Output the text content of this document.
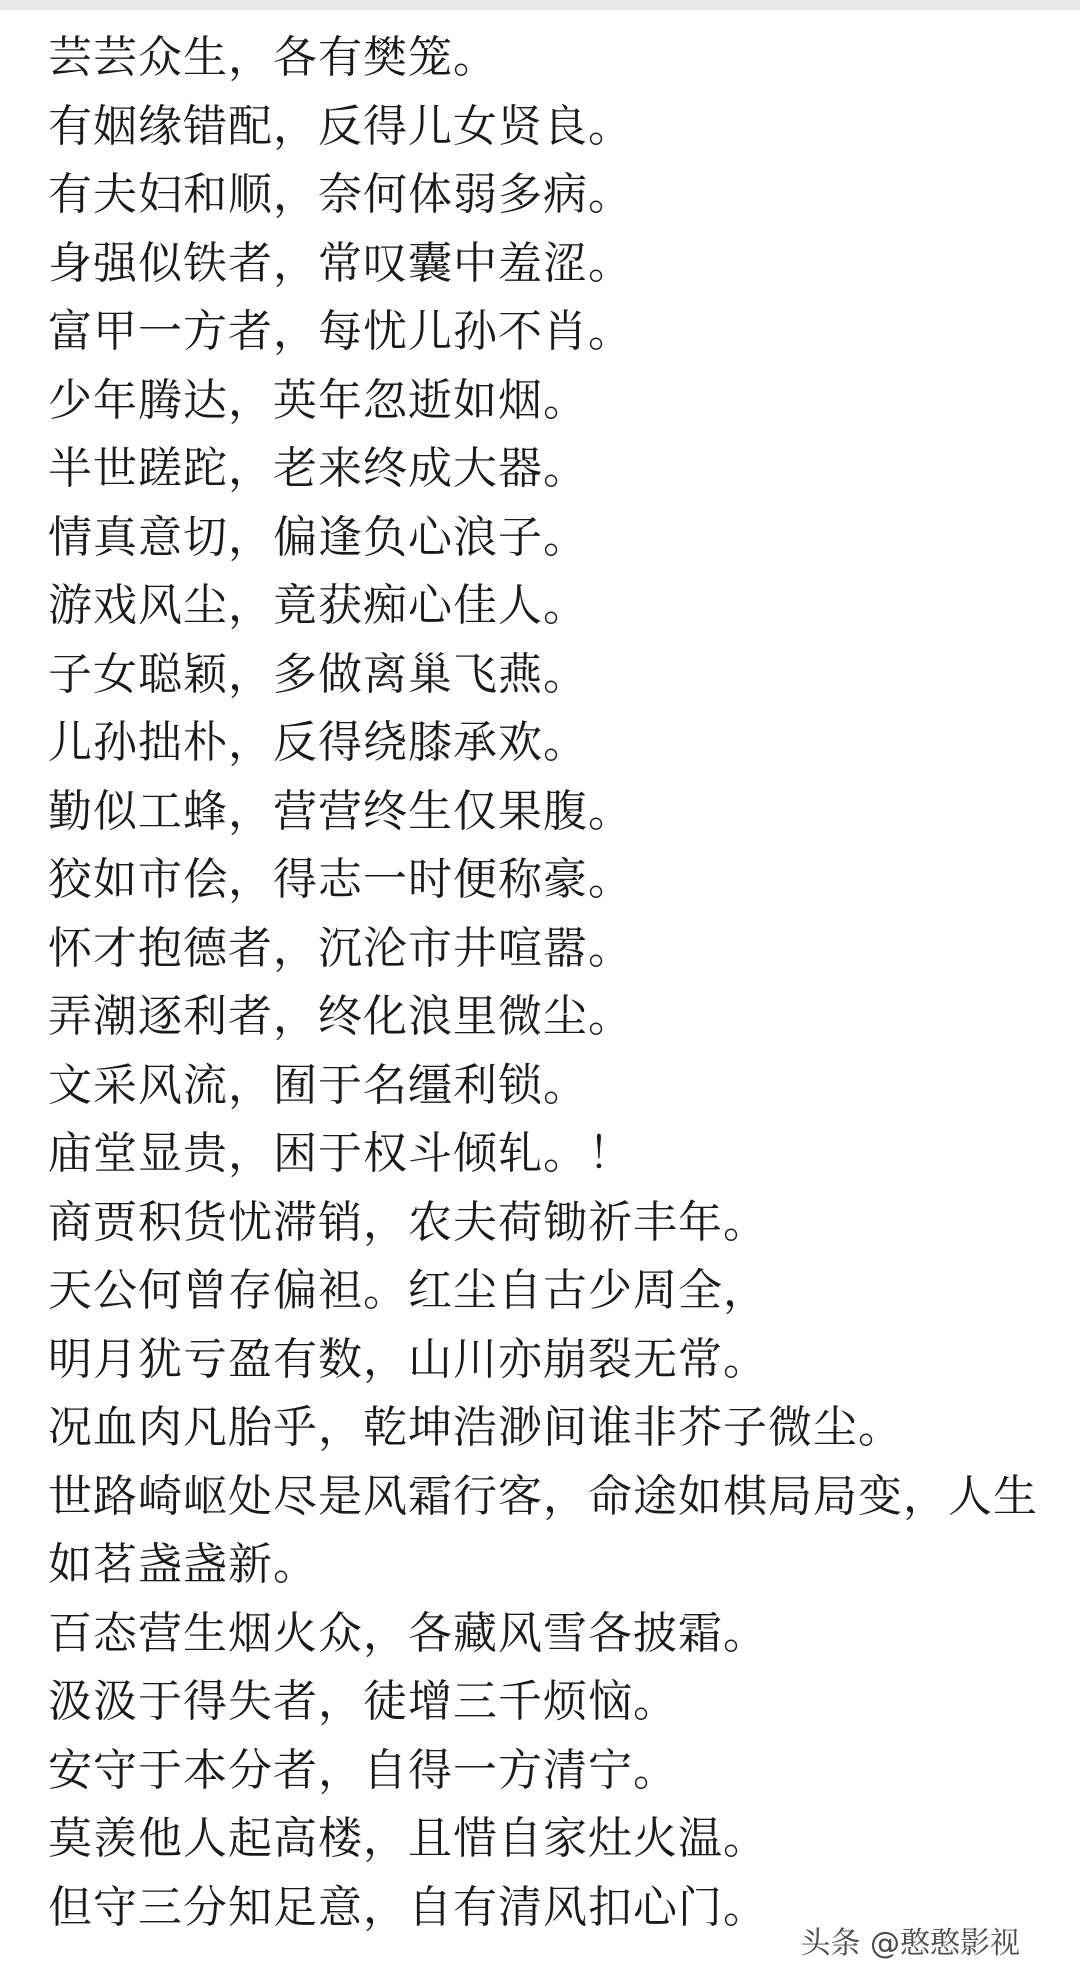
芸芸众生，各有樊笼。
有姻缘错配，反得儿女贤良。
有夫妇和顺，奈何体弱多病。
身强似铁者，常叹囊中羞涩。
富甲一方者，每忧儿孙不肖。
少年腾达，英年忽逝如烟。
半世蹉跎，老来终成大器。
情真意切，偏逢负心浪子。
游戏风尘，竟获痴心佳人。
子女聪颖，多做离巢飞燕。
儿孙拙朴，反得绕膝承欢。
勤似工蜂，营营终生仅果腹。
狡如市侩，得志一时便称豪。
怀才抱德者，沉沦市井喧嚣。
弄潮逐利者，终化浪里微尘。
文采风流，囿于名缰利锁。
庙堂显贵，困于权斗倾轧。！
商贾积货忧滞销，农夫荷锄祈丰年。
天公何曾存偏袒。红尘自古少周全，
明月犹亏盈有数，山川亦崩裂无常。
况血肉凡胎乎，乾坤浩渺间谁非芥子微尘。
世路崎岖处尽是风霜行客，命途如棋局局变，人生
如茗盏盏新。
百态营生烟火众，各藏风雪各披霜。
汲汲于得失者，徒增三千烦恼。
安守于本分者，自得一方清宁。
莫羡他人起高楼，且惜自家灶火温。
但守三分知足意，自有清风扣心门。
头条 @憨憨影视
